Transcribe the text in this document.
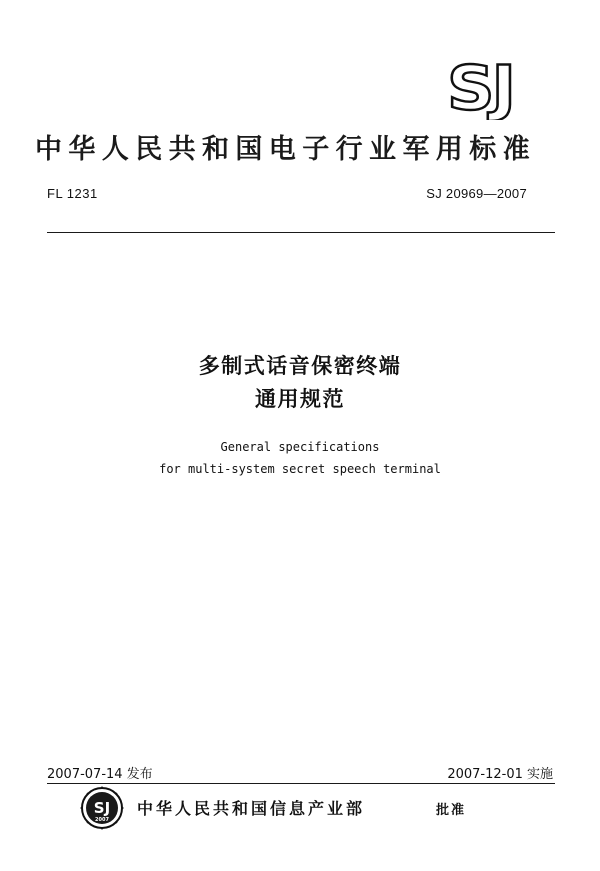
SJ
中华人民共和国电子行业军用标准
FL 1231	SJ 20969—2007
多制式话音保密终端
通用规范
General specifications
for multi-system secret speech terminal
2007-07-14 发布	2007-12-01 实施
SJ
2007
中华人民共和国信息产业部	批准
